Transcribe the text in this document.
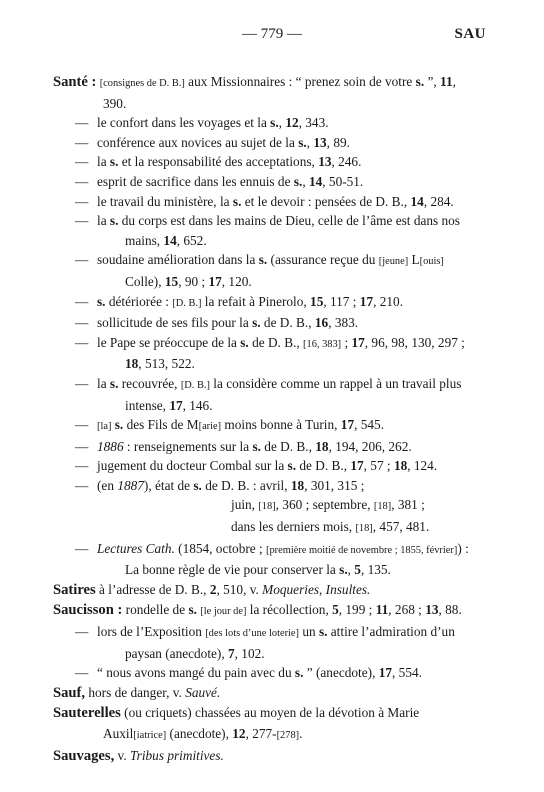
— 779 —	SAU
Santé : [consignes de D. B.] aux Missionnaires : “ prenez soin de votre s. ”, 11, 390.
— le confort dans les voyages et la s., 12, 343.
— conférence aux novices au sujet de la s., 13, 89.
— la s. et la responsabilité des acceptations, 13, 246.
— esprit de sacrifice dans les ennuis de s., 14, 50-51.
— le travail du ministère, la s. et le devoir : pensées de D. B., 14, 284.
— la s. du corps est dans les mains de Dieu, celle de l’âme est dans nos mains, 14, 652.
— soudaine amélioration dans la s. (assurance reçue du [jeune] L[ouis] Colle), 15, 90 ; 17, 120.
— s. détériorée : [D. B.] la refait à Pinerolo, 15, 117 ; 17, 210.
— sollicitude de ses fils pour la s. de D. B., 16, 383.
— le Pape se préoccupe de la s. de D. B., [16, 383] ; 17, 96, 98, 130, 297 ; 18, 513, 522.
— la s. recouvrée, [D. B.] la considère comme un rappel à un travail plus intense, 17, 146.
— [la] s. des Fils de M[arie] moins bonne à Turin, 17, 545.
— 1886 : renseignements sur la s. de D. B., 18, 194, 206, 262.
— jugement du docteur Combal sur la s. de D. B., 17, 57 ; 18, 124.
— (en 1887), état de s. de D. B. : avril, 18, 301, 315 ;
juin, [18], 360 ; septembre, [18], 381 ;
dans les derniers mois, [18], 457, 481.
— Lectures Cath. (1854, octobre ; [première moitié de novembre ; 1855, février]) : La bonne règle de vie pour conserver la s., 5, 135.
Satires à l’adresse de D. B., 2, 510, v. Moqueries, Insultes.
Saucisson : rondelle de s. [le jour de] la récollection, 5, 199 ; 11, 268 ; 13, 88.
— lors de l’Exposition [des lots d’une loterie] un s. attire l’admiration d’un paysan (anecdote), 7, 102.
— “ nous avons mangé du pain avec du s. ” (anecdote), 17, 554.
Sauf, hors de danger, v. Sauvé.
Sauterelles (ou criquets) chassées au moyen de la dévotion à Marie Auxil[iatrice] (anecdote), 12, 277-[278].
Sauvages, v. Tribus primitives.
